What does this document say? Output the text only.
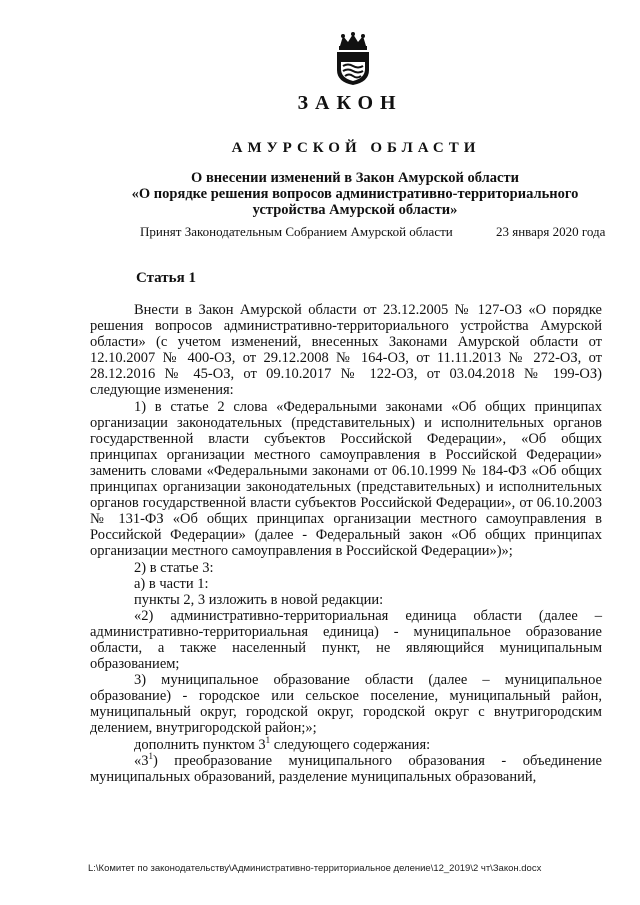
ЗАКОН
АМУРСКОЙ ОБЛАСТИ
О внесении изменений в Закон Амурской области
«О порядке решения вопросов административно-территориального
устройства Амурской области»
Принят Законодательным Собранием Амурской области	23 января 2020 года
Статья 1

Внести в Закон Амурской области от 23.12.2005 № 127-ОЗ «О порядке решения вопросов административно-территориального устройства Амурской области» (с учетом изменений, внесенных Законами Амурской области от 12.10.2007 № 400-ОЗ, от 29.12.2008 № 164-ОЗ, от 11.11.2013 № 272-ОЗ, от 28.12.2016 № 45-ОЗ, от 09.10.2017 № 122-ОЗ, от 03.04.2018 № 199-ОЗ) следующие изменения:

1) в статье 2 слова «Федеральными законами «Об общих принципах организации законодательных (представительных) и исполнительных органов государственной власти субъектов Российской Федерации», «Об общих принципах организации местного самоуправления в Российской Федерации» заменить словами «Федеральными законами от 06.10.1999 № 184-ФЗ «Об общих принципах организации законодательных (представительных) и исполнительных органов государственной власти субъектов Российской Федерации», от 06.10.2003 № 131-ФЗ «Об общих принципах организации местного самоуправления в Российской Федерации» (далее - Федеральный закон «Об общих принципах организации местного самоуправления в Российской Федерации»)»;

2) в статье 3:

а) в части 1:

пункты 2, 3 изложить в новой редакции:

«2) административно-территориальная единица области (далее – административно-территориальная единица) - муниципальное образование области, а также населенный пункт, не являющийся муниципальным образованием;

3) муниципальное образование области (далее – муниципальное образование) - городское или сельское поселение, муниципальный район, муниципальный округ, городской округ, городской округ с внутригородским делением, внутригородской район;»;

дополнить пунктом $3^1$ следующего содержания:

«$3^1$) преобразование муниципального образования - объединение муниципальных образований, разделение муниципальных образований,

L:\Комитет по законодательству\Административно-территориальное деление\12_2019\2 чт\Закон.docx
